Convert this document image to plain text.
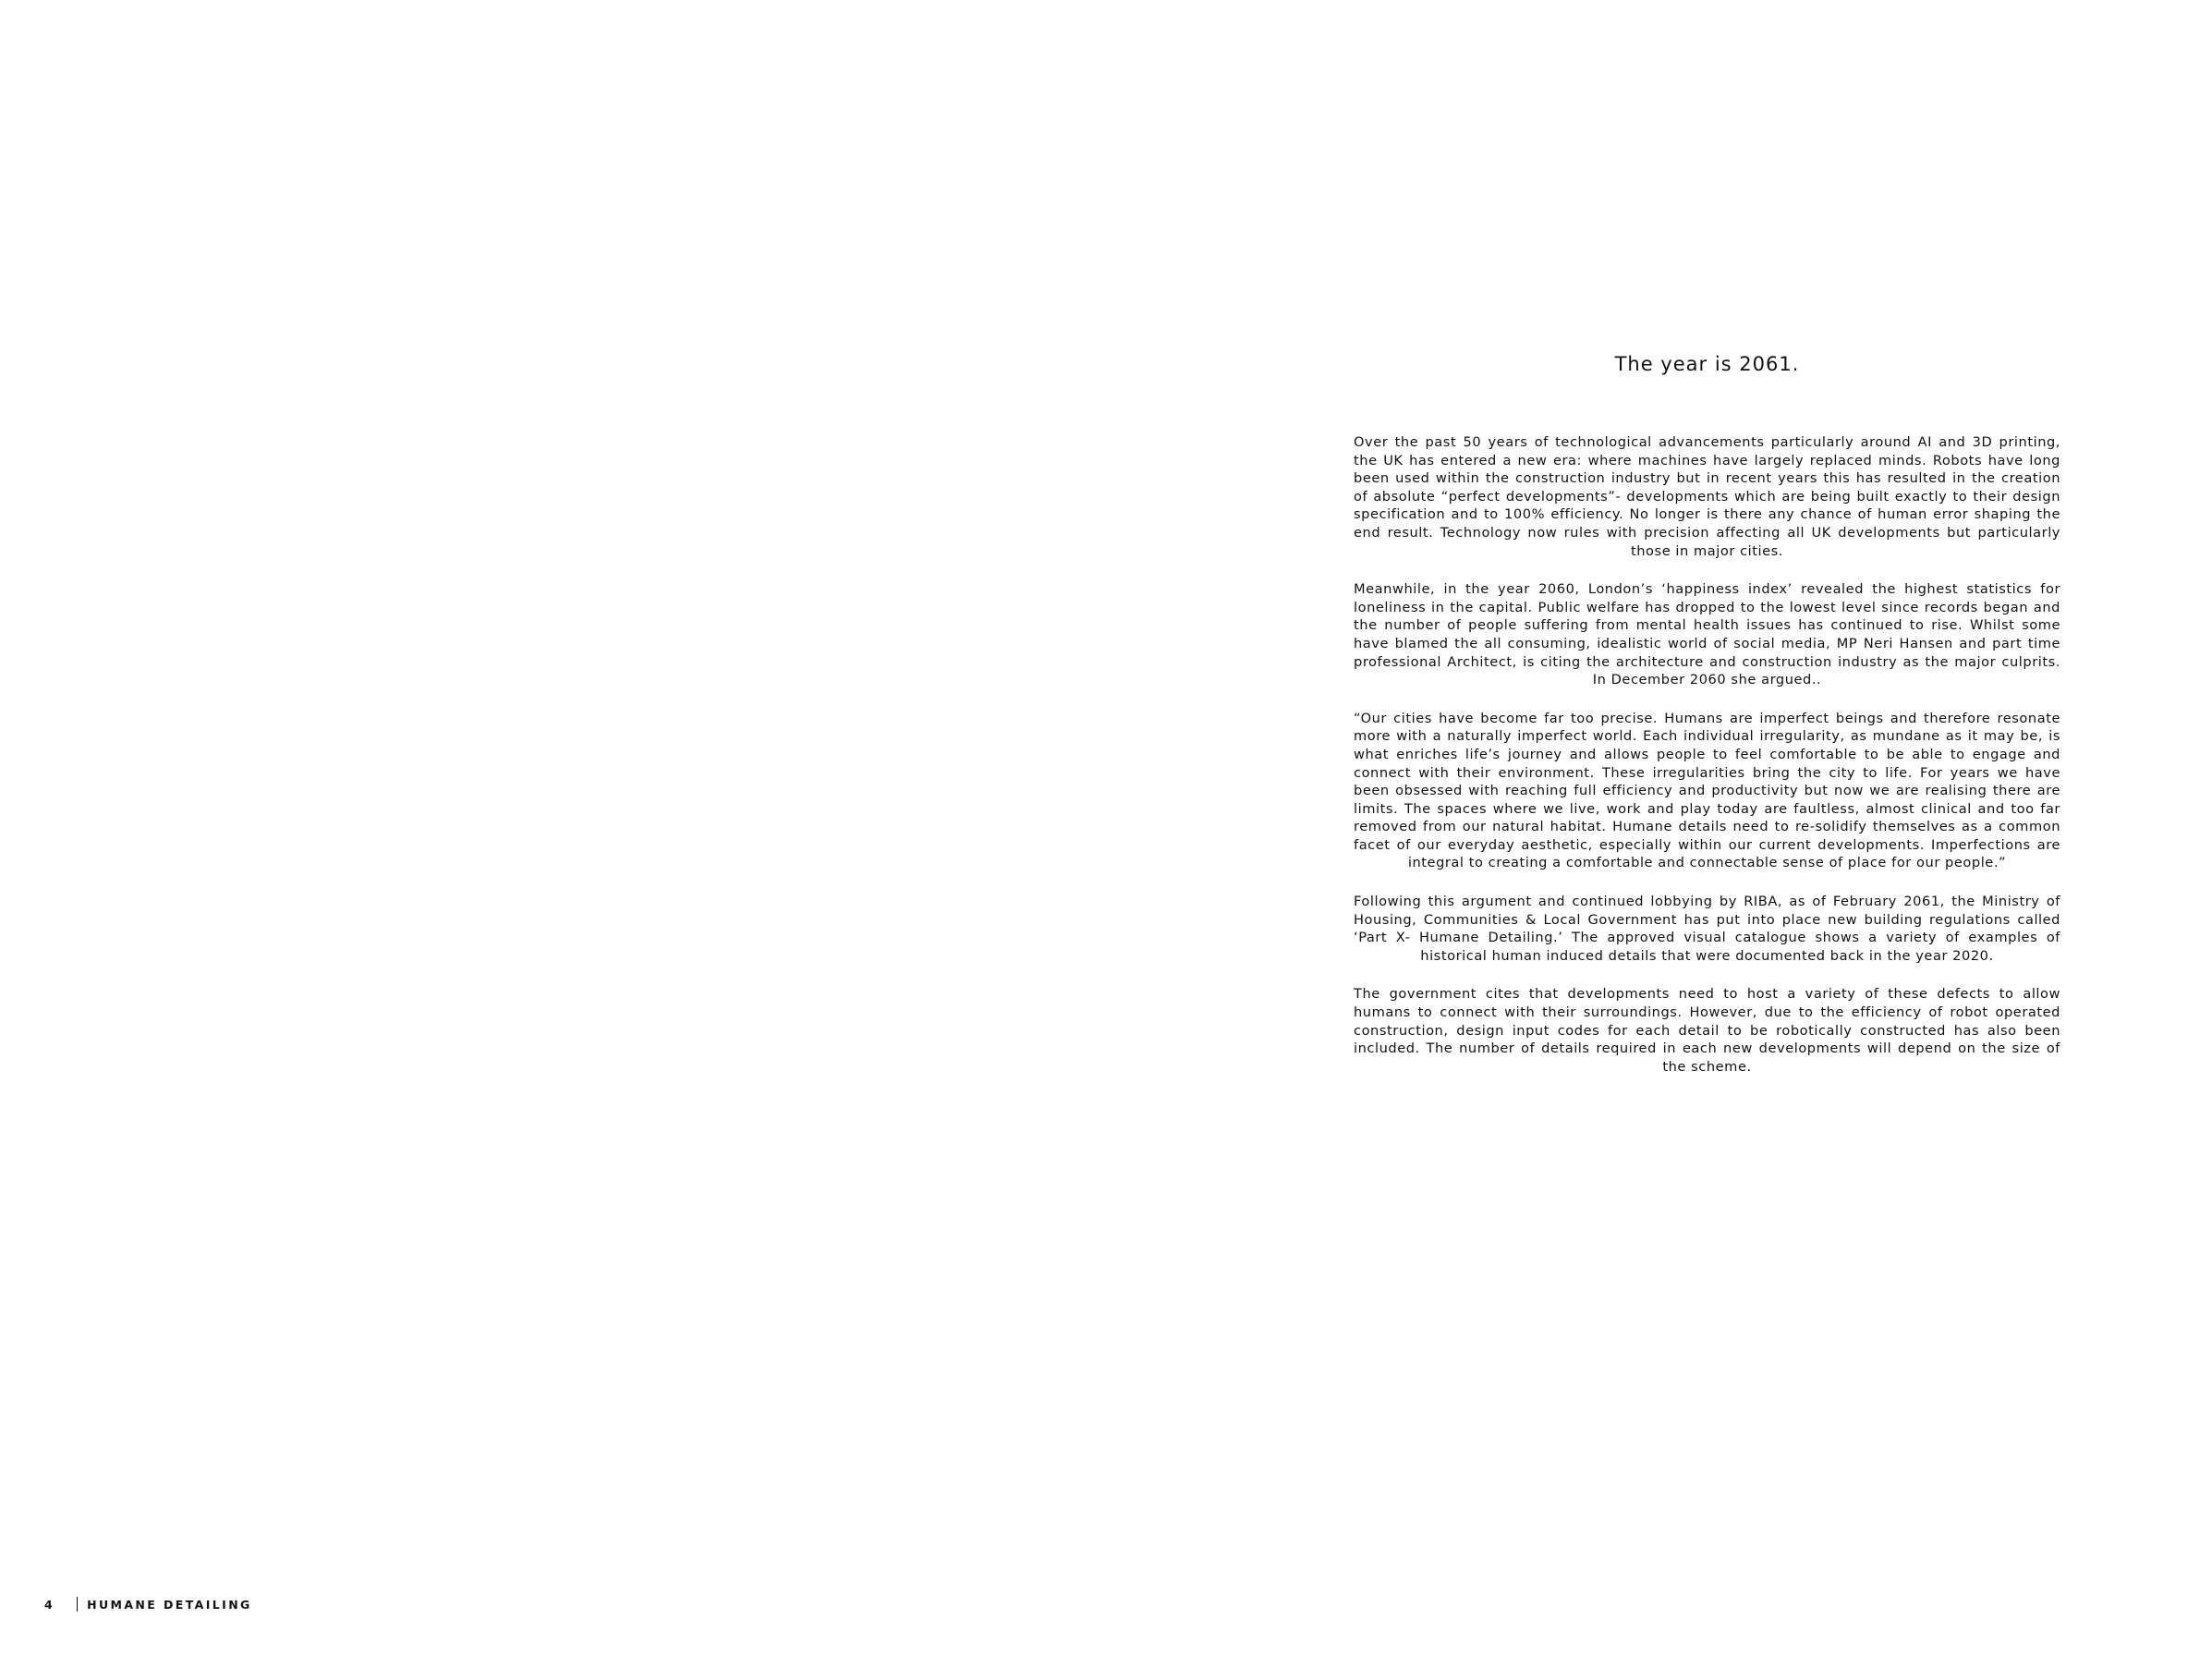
The year is 2061.

Over the past 50 years of technological advancements particularly around AI and 3D printing, the UK has entered a new era: where machines have largely replaced minds. Robots have long been used within the construction industry but in recent years this has resulted in the creation of absolute “perfect developments”- developments which are being built exactly to their design specification and to 100% efficiency. No longer is there any chance of human error shaping the end result. Technology now rules with precision affecting all UK developments but particularly those in major cities.

Meanwhile, in the year 2060, London’s ‘happiness index’ revealed the highest statistics for loneliness in the capital. Public welfare has dropped to the lowest level since records began and the number of people suffering from mental health issues has continued to rise. Whilst some have blamed the all consuming, idealistic world of social media, MP Neri Hansen and part time professional Architect, is citing the architecture and construction industry as the major culprits. In December 2060 she argued..

“Our cities have become far too precise. Humans are imperfect beings and therefore resonate more with a naturally imperfect world. Each individual irregularity, as mundane as it may be, is what enriches life’s journey and allows people to feel comfortable to be able to engage and connect with their environment. These irregularities bring the city to life. For years we have been obsessed with reaching full efficiency and productivity but now we are realising there are limits. The spaces where we live, work and play today are faultless, almost clinical and too far removed from our natural habitat. Humane details need to re-solidify themselves as a common facet of our everyday aesthetic, especially within our current developments. Imperfections are integral to creating a comfortable and connectable sense of place for our people.”

Following this argument and continued lobbying by RIBA, as of February 2061, the Ministry of Housing, Communities & Local Government has put into place new building regulations called ‘Part X- Humane Detailing.’ The approved visual catalogue shows a variety of examples of historical human induced details that were documented back in the year 2020.

The government cites that developments need to host a variety of these defects to allow humans to connect with their surroundings. However, due to the efficiency of robot operated construction, design input codes for each detail to be robotically constructed has also been included. The number of details required in each new developments will depend on the size of the scheme.

4	HUMANE DETAILING
